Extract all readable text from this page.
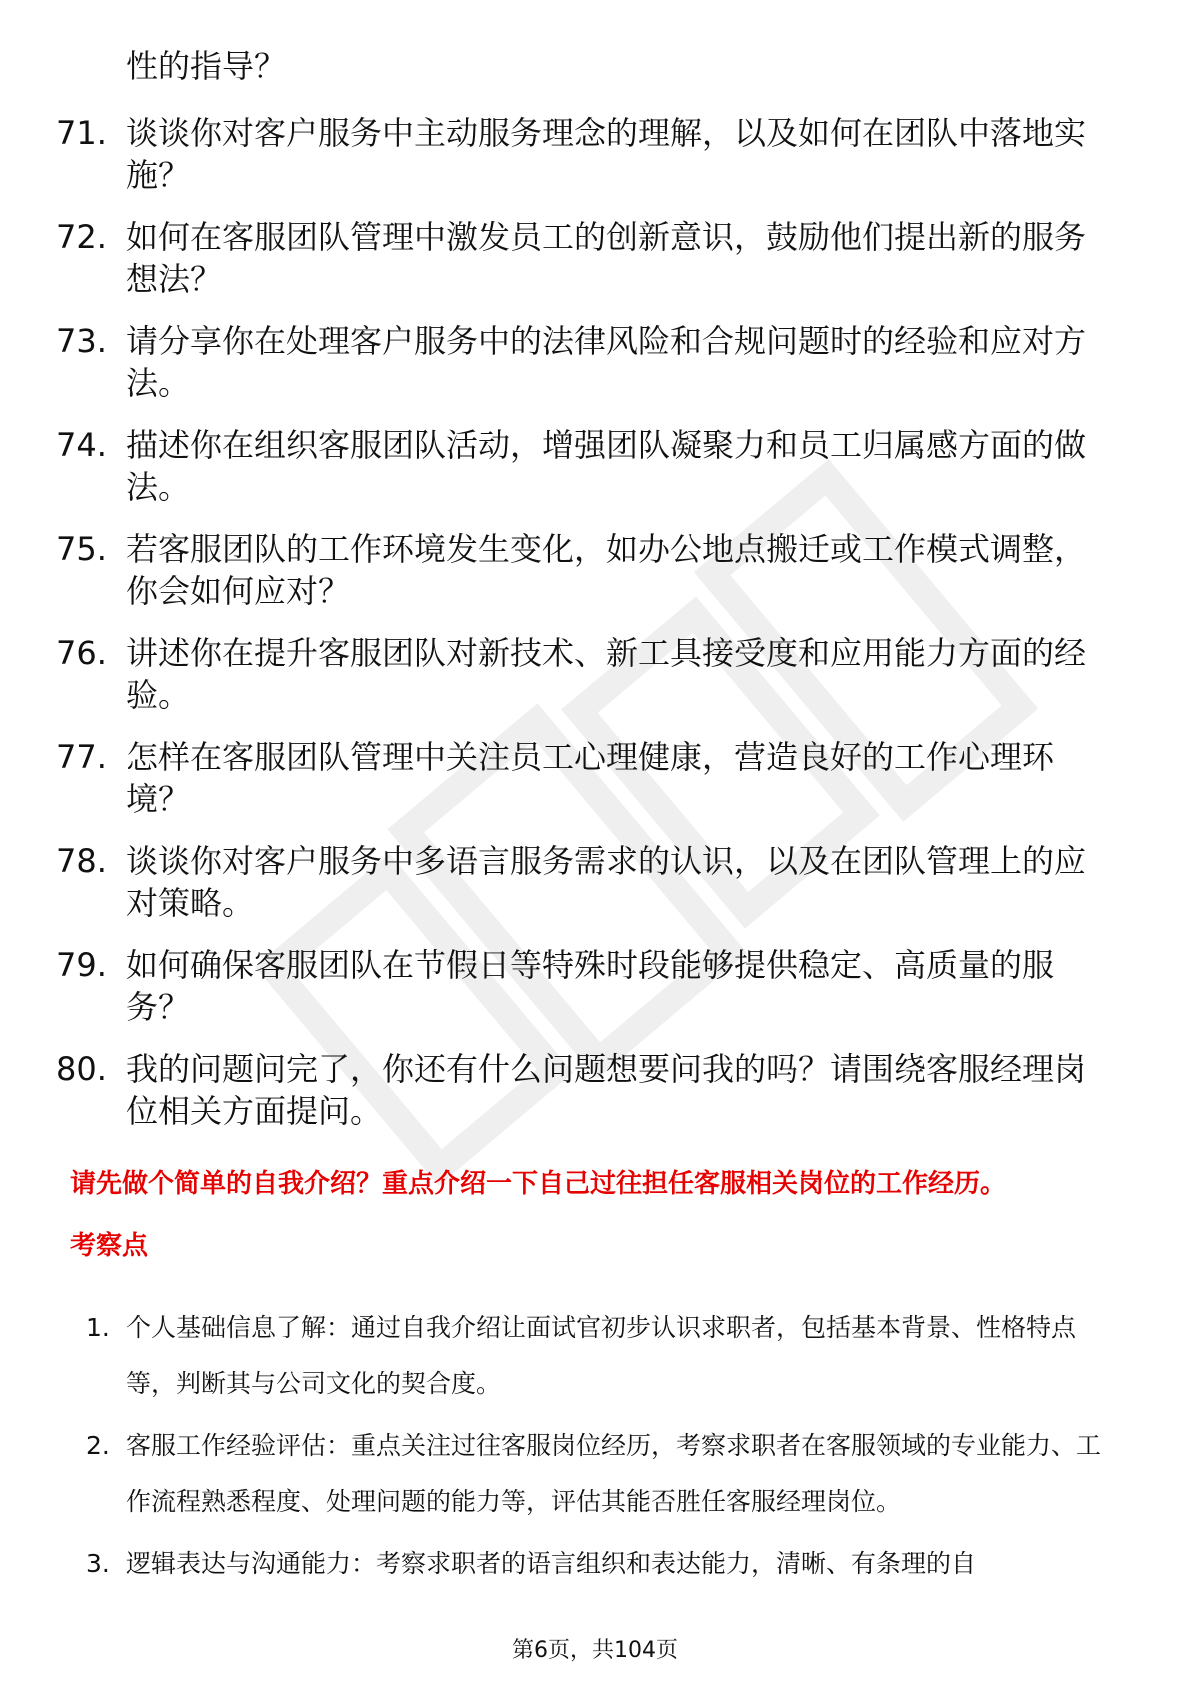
性的指导？
71. 谈谈你对客户服务中主动服务理念的理解，以及如何在团队中落地实施？
72. 如何在客服团队管理中激发员工的创新意识，鼓励他们提出新的服务想法？
73. 请分享你在处理客户服务中的法律风险和合规问题时的经验和应对方法。
74. 描述你在组织客服团队活动，增强团队凝聚力和员工归属感方面的做法。
75. 若客服团队的工作环境发生变化，如办公地点搬迁或工作模式调整，你会如何应对？
76. 讲述你在提升客服团队对新技术、新工具接受度和应用能力方面的经验。
77. 怎样在客服团队管理中关注员工心理健康，营造良好的工作心理环境？
78. 谈谈你对客户服务中多语言服务需求的认识，以及在团队管理上的应对策略。
79. 如何确保客服团队在节假日等特殊时段能够提供稳定、高质量的服务？
80. 我的问题问完了，你还有什么问题想要问我的吗？请围绕客服经理岗位相关方面提问。
请先做个简单的自我介绍？重点介绍一下自己过往担任客服相关岗位的工作经历。
考察点
1. 个人基础信息了解：通过自我介绍让面试官初步认识求职者，包括基本背景、性格特点等，判断其与公司文化的契合度。
2. 客服工作经验评估：重点关注过往客服岗位经历，考察求职者在客服领域的专业能力、工作流程熟悉程度、处理问题的能力等，评估其能否胜任客服经理岗位。
3. 逻辑表达与沟通能力：考察求职者的语言组织和表达能力，清晰、有条理的自
第6页，共104页
